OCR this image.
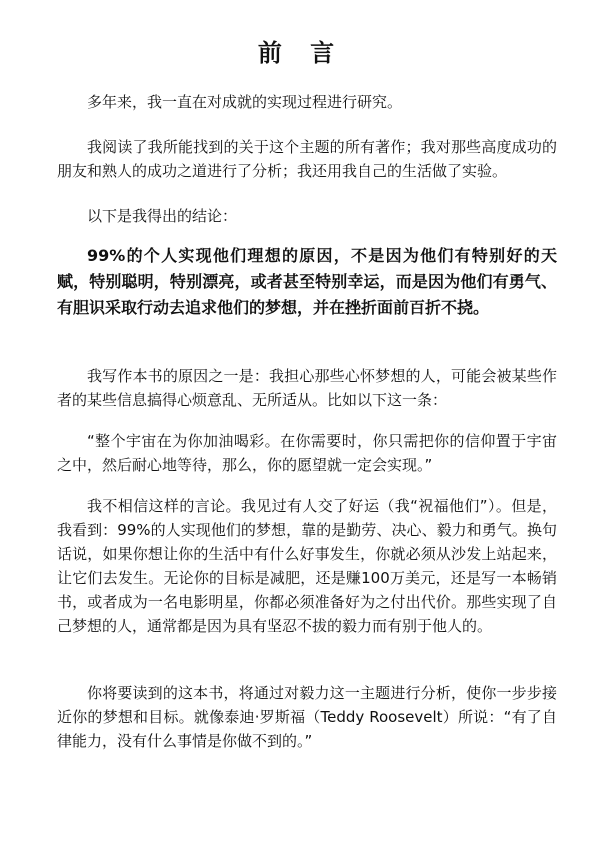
前 言

多年来，我一直在对成就的实现过程进行研究。

我阅读了我所能找到的关于这个主题的所有著作；我对那些高度成功的朋友和熟人的成功之道进行了分析；我还用我自己的生活做了实验。

以下是我得出的结论：

99%的个人实现他们理想的原因，不是因为他们有特别好的天赋，特别聪明，特别漂亮，或者甚至特别幸运，而是因为他们有勇气、有胆识采取行动去追求他们的梦想，并在挫折面前百折不挠。

我写作本书的原因之一是：我担心那些心怀梦想的人，可能会被某些作者的某些信息搞得心烦意乱、无所适从。比如以下这一条：

“整个宇宙在为你加油喝彩。在你需要时，你只需把你的信仰置于宇宙之中，然后耐心地等待，那么，你的愿望就一定会实现。”

我不相信这样的言论。我见过有人交了好运（我“祝福他们”）。但是，我看到：99%的人实现他们的梦想，靠的是勤劳、决心、毅力和勇气。换句话说，如果你想让你的生活中有什么好事发生，你就必须从沙发上站起来，让它们去发生。无论你的目标是减肥，还是赚100万美元，还是写一本畅销书，或者成为一名电影明星，你都必须准备好为之付出代价。那些实现了自己梦想的人，通常都是因为具有坚忍不拔的毅力而有别于他人的。

你将要读到的这本书，将通过对毅力这一主题进行分析，使你一步步接近你的梦想和目标。就像泰迪·罗斯福（Teddy Roosevelt）所说：“有了自律能力，没有什么事情是你做不到的。”
